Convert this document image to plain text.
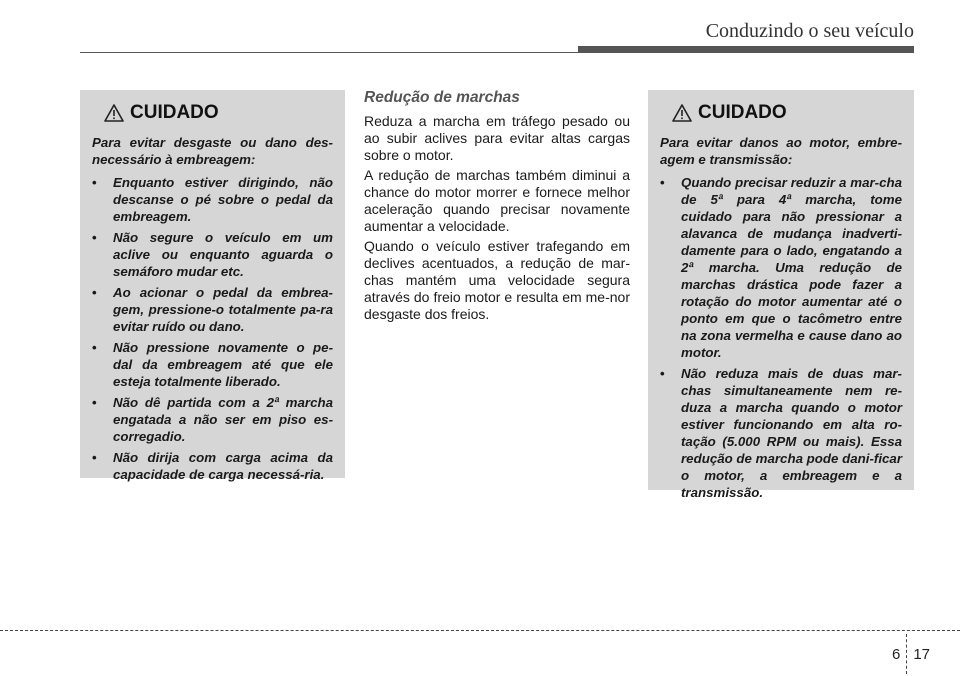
Conduzindo o seu veículo
CUIDADO

Para evitar desgaste ou dano des-necessário à embreagem:

• Enquanto estiver dirigindo, não descanse o pé sobre o pedal da embreagem.
• Não segure o veículo em um aclive ou enquanto aguarda o semáforo mudar etc.
• Ao acionar o pedal da embrea-gem, pressione-o totalmente pa-ra evitar ruído ou dano.
• Não pressione novamente o pe-dal da embreagem até que ele esteja totalmente liberado.
• Não dê partida com a 2ª marcha engatada a não ser em piso es-corregadio.
• Não dirija com carga acima da capacidade de carga necessá-ria.
Redução de marchas

Reduza a marcha em tráfego pesado ou ao subir aclives para evitar altas cargas sobre o motor.

A redução de marchas também diminui a chance do motor morrer e fornece melhor aceleração quando precisar novamente aumentar a velocidade.

Quando o veículo estiver trafegando em declives acentuados, a redução de mar-chas mantém uma velocidade segura através do freio motor e resulta em me-nor desgaste dos freios.

CUIDADO

Para evitar danos ao motor, embre-agem e transmissão:

• Quando precisar reduzir a mar-cha de 5ª para 4ª marcha, tome cuidado para não pressionar a alavanca de mudança inadverti-damente para o lado, engatando a 2ª marcha. Uma redução de marchas drástica pode fazer a rotação do motor aumentar até o ponto em que o tacômetro entre na zona vermelha e cause dano ao motor.
• Não reduza mais de duas mar-chas simultaneamente nem re-duza a marcha quando o motor estiver funcionando em alta ro-tação (5.000 RPM ou mais). Essa redução de marcha pode dani-ficar o motor, a embreagem e a transmissão.
6 17
